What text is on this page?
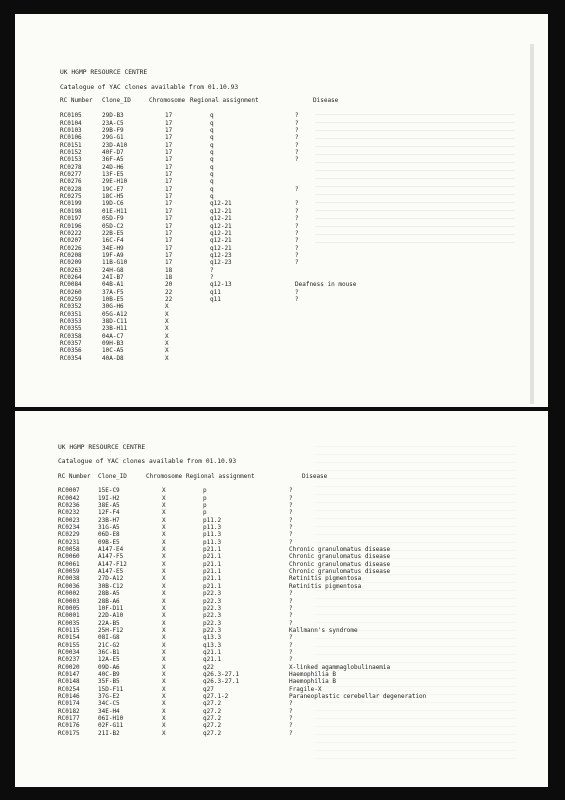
UK HGMP RESOURCE CENTRE

Catalogue of YAC clones available from 01.10.93

RC Number Clone_ID	Chromosome Regional assignment	Disease
RC0105	29D-B3	17	q	?
RC0104	23A-C5	17	q	?
RC0103	29B-F9	17	q	?
RC0106	29G-G1	17	q	?
RC0151	23D-A10	17	q	?
RC0152	40F-D7	17	q	?
RC0153	36F-A5	17	q	?
RC0278	24D-H6	17	q
RC0277	13F-E5	17	q
RC0276	29E-H10	17	q
RC0228	19C-E7	17	q	?
RC0275	18C-H5	17	q
RC0199	19D-C6	17	q12-21	?
RC0198	01E-H11	17	q12-21	?
RC0197	05D-F9	17	q12-21	?
RC0196	05D-C2	17	q12-21	?
RC0222	22B-E5	17	q12-21	?
RC0207	16C-F4	17	q12-21	?
RC0226	34E-H9	17	q12-21	?
RC0208	19F-A9	17	q12-23	?
RC0209	11B-G10	17	q12-23	?
RC0263	24H-G8	18	?
RC0264	24I-B7	18	?
RC0084	04B-A1	20	q12-13	Deafness in mouse
RC0260	37A-F5	22	q11	?
RC0259	10B-E5	22	q11	?
RC0352	30G-H6	X
RC0351	05G-A12	X
RC0353	38D-C11	X
RC0355	23B-H11	X
RC0358	04A-C7	X
RC0357	09H-B3	X
RC0356	10C-A5	X
RC0354	40A-D8	X

UK HGMP RESOURCE CENTRE

Catalogue of YAC clones available from 01.10.93

RC Number Clone_ID	Chromosome Regional assignment	Disease
RC0007	15E-C9	X	p	?
RC0042	19I-H2	X	p	?
RC0236	38E-A5	X	p	?
RC0232	12F-F4	X	p	?
RC0023	23B-H7	X	p11.2	?
RC0234	31G-A5	X	p11.3	?
RC0229	06D-E8	X	p11.3	?
RC0231	09B-E5	X	p11.3	?
RC0058	A147-E4	X	p21.1	Chronic granulomatus disease
RC0060	A147-F5	X	p21.1	Chronic granulomatus disease
RC0061	A147-F12	X	p21.1	Chronic granulomatus disease
RC0059	A147-E5	X	p21.1	Chronic granulomatus disease
RC0038	27D-A12	X	p21.1	Retinitis pigmentosa
RC0036	30B-C12	X	p21.1	Retinitis pigmentosa
RC0002	28B-A5	X	p22.3	?
RC0003	28B-A6	X	p22.3	?
RC0005	10F-D11	X	p22.3	?
RC0001	22D-A10	X	p22.3	?
RC0035	22A-B5	X	p22.3	?
RC0115	25H-F12	X	p22.3	Kallmann's syndrome
RC0154	08I-G8	X	q13.3	?
RC0155	21C-G2	X	q13.3	?
RC0034	36C-B1	X	q21.1	?
RC0237	12A-E5	X	q21.1	?
RC0020	09D-A6	X	q22	X-linked agammaglobulinaemia
RC0147	40C-B9	X	q26.3-27.1	Haemophilia B
RC0148	35F-B5	X	q26.3-27.1	Haemophilia B
RC0254	15D-F11	X	q27	Fragile-X
RC0146	37G-E2	X	q27.1-2	Paraneoplastic cerebellar degeneration
RC0174	34C-C5	X	q27.2	?
RC0182	34E-H4	X	q27.2	?
RC0177	06I-H10	X	q27.2	?
RC0176	02F-G11	X	q27.2	?
RC0175	21I-B2	X	q27.2	?
